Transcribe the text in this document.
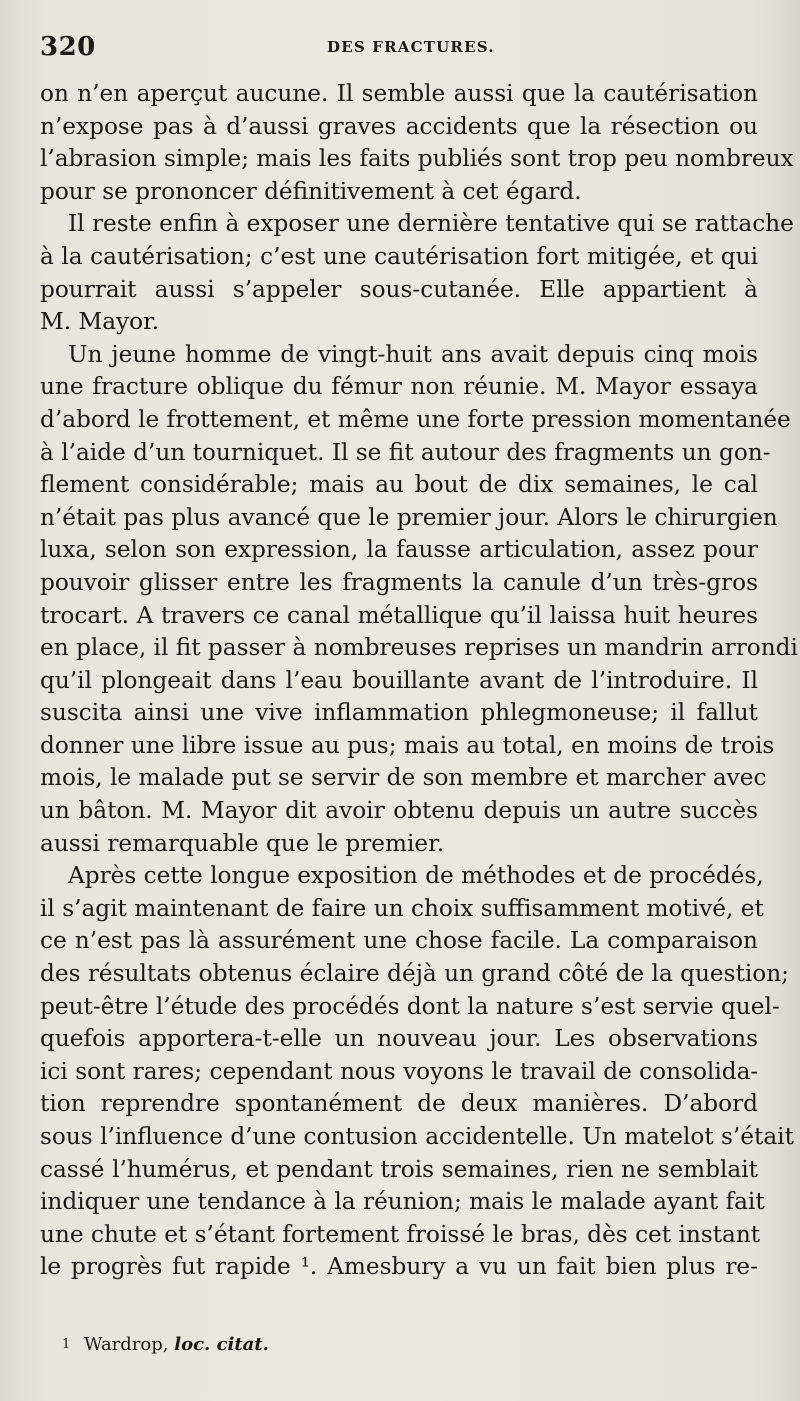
320	DES FRACTURES.
on n’en aperçut aucune. Il semble aussi que la cautérisation
n’expose pas à d’aussi graves accidents que la résection ou
l’abrasion simple; mais les faits publiés sont trop peu nombreux
pour se prononcer définitivement à cet égard.
Il reste enfin à exposer une dernière tentative qui se rattache
à la cautérisation; c’est une cautérisation fort mitigée, et qui
pourrait aussi s’appeler sous-cutanée. Elle appartient à
M. Mayor.
Un jeune homme de vingt-huit ans avait depuis cinq mois
une fracture oblique du fémur non réunie. M. Mayor essaya
d’abord le frottement, et même une forte pression momentanée
à l’aide d’un tourniquet. Il se fit autour des fragments un gon-
flement considérable; mais au bout de dix semaines, le cal
n’était pas plus avancé que le premier jour. Alors le chirurgien
luxa, selon son expression, la fausse articulation, assez pour
pouvoir glisser entre les fragments la canule d’un très-gros
trocart. A travers ce canal métallique qu’il laissa huit heures
en place, il fit passer à nombreuses reprises un mandrin arrondi
qu’il plongeait dans l’eau bouillante avant de l’introduire. Il
suscita ainsi une vive inflammation phlegmoneuse; il fallut
donner une libre issue au pus; mais au total, en moins de trois
mois, le malade put se servir de son membre et marcher avec
un bâton. M. Mayor dit avoir obtenu depuis un autre succès
aussi remarquable que le premier.
Après cette longue exposition de méthodes et de procédés,
il s’agit maintenant de faire un choix suffisamment motivé, et
ce n’est pas là assurément une chose facile. La comparaison
des résultats obtenus éclaire déjà un grand côté de la question;
peut-être l’étude des procédés dont la nature s’est servie quel-
quefois apportera-t-elle un nouveau jour. Les observations
ici sont rares; cependant nous voyons le travail de consolida-
tion reprendre spontanément de deux manières. D’abord
sous l’influence d’une contusion accidentelle. Un matelot s’était
cassé l’humérus, et pendant trois semaines, rien ne semblait
indiquer une tendance à la réunion; mais le malade ayant fait
une chute et s’étant fortement froissé le bras, dès cet instant
le progrès fut rapide ¹. Amesbury a vu un fait bien plus re-
1 Wardrop, loc. citat.
